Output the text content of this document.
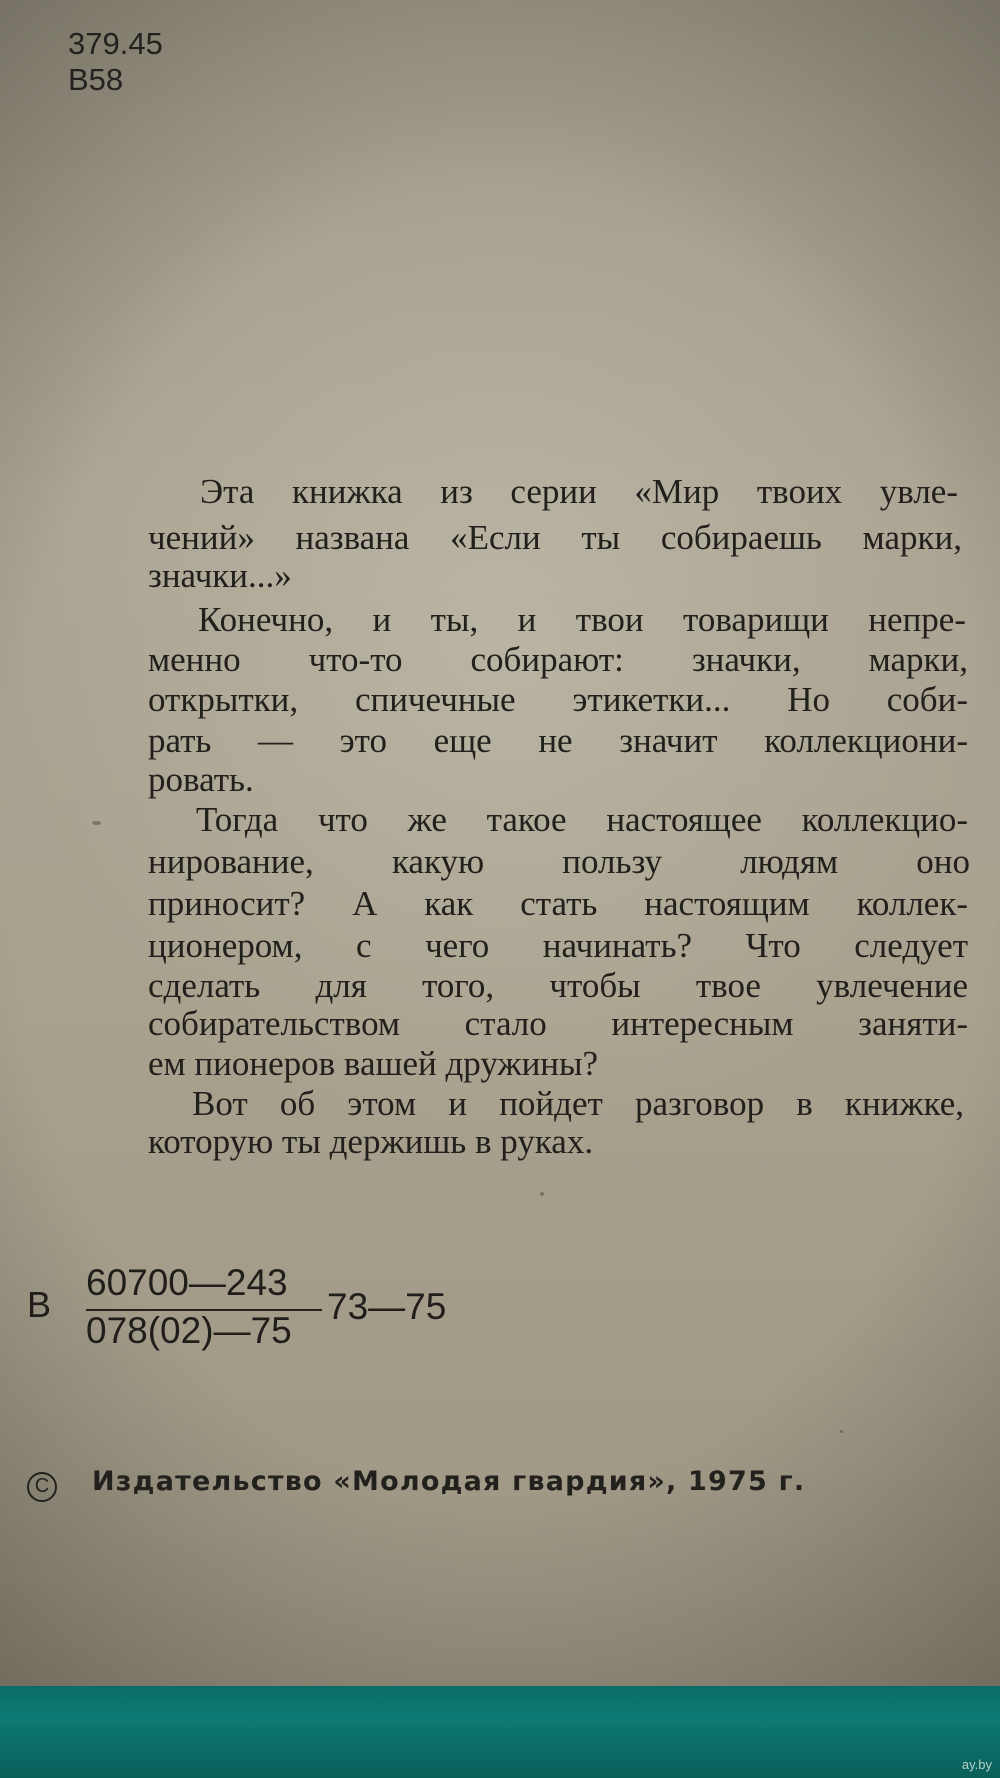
379.45
В58
Эта книжка из серии «Мир твоих увле-
чений» названа «Если ты собираешь марки,
значки...»
Конечно, и ты, и твои товарищи непре-
менно что-то собирают: значки, марки,
открытки, спичечные этикетки... Но соби-
рать — это еще не значит коллекциони-
ровать.
Тогда что же такое настоящее коллекцио-
нирование, какую пользу людям оно
приносит? А как стать настоящим коллек-
ционером, с чего начинать? Что следует
сделать для того, чтобы твое увлечение
собирательством стало интересным заняти-
ем пионеров вашей дружины?
Вот об этом и пойдет разговор в книжке,
которую ты держишь в руках.
В
60700—243
078(02)—75
73—75
C Издательство «Молодая гвардия», 1975 г.
ay.by
